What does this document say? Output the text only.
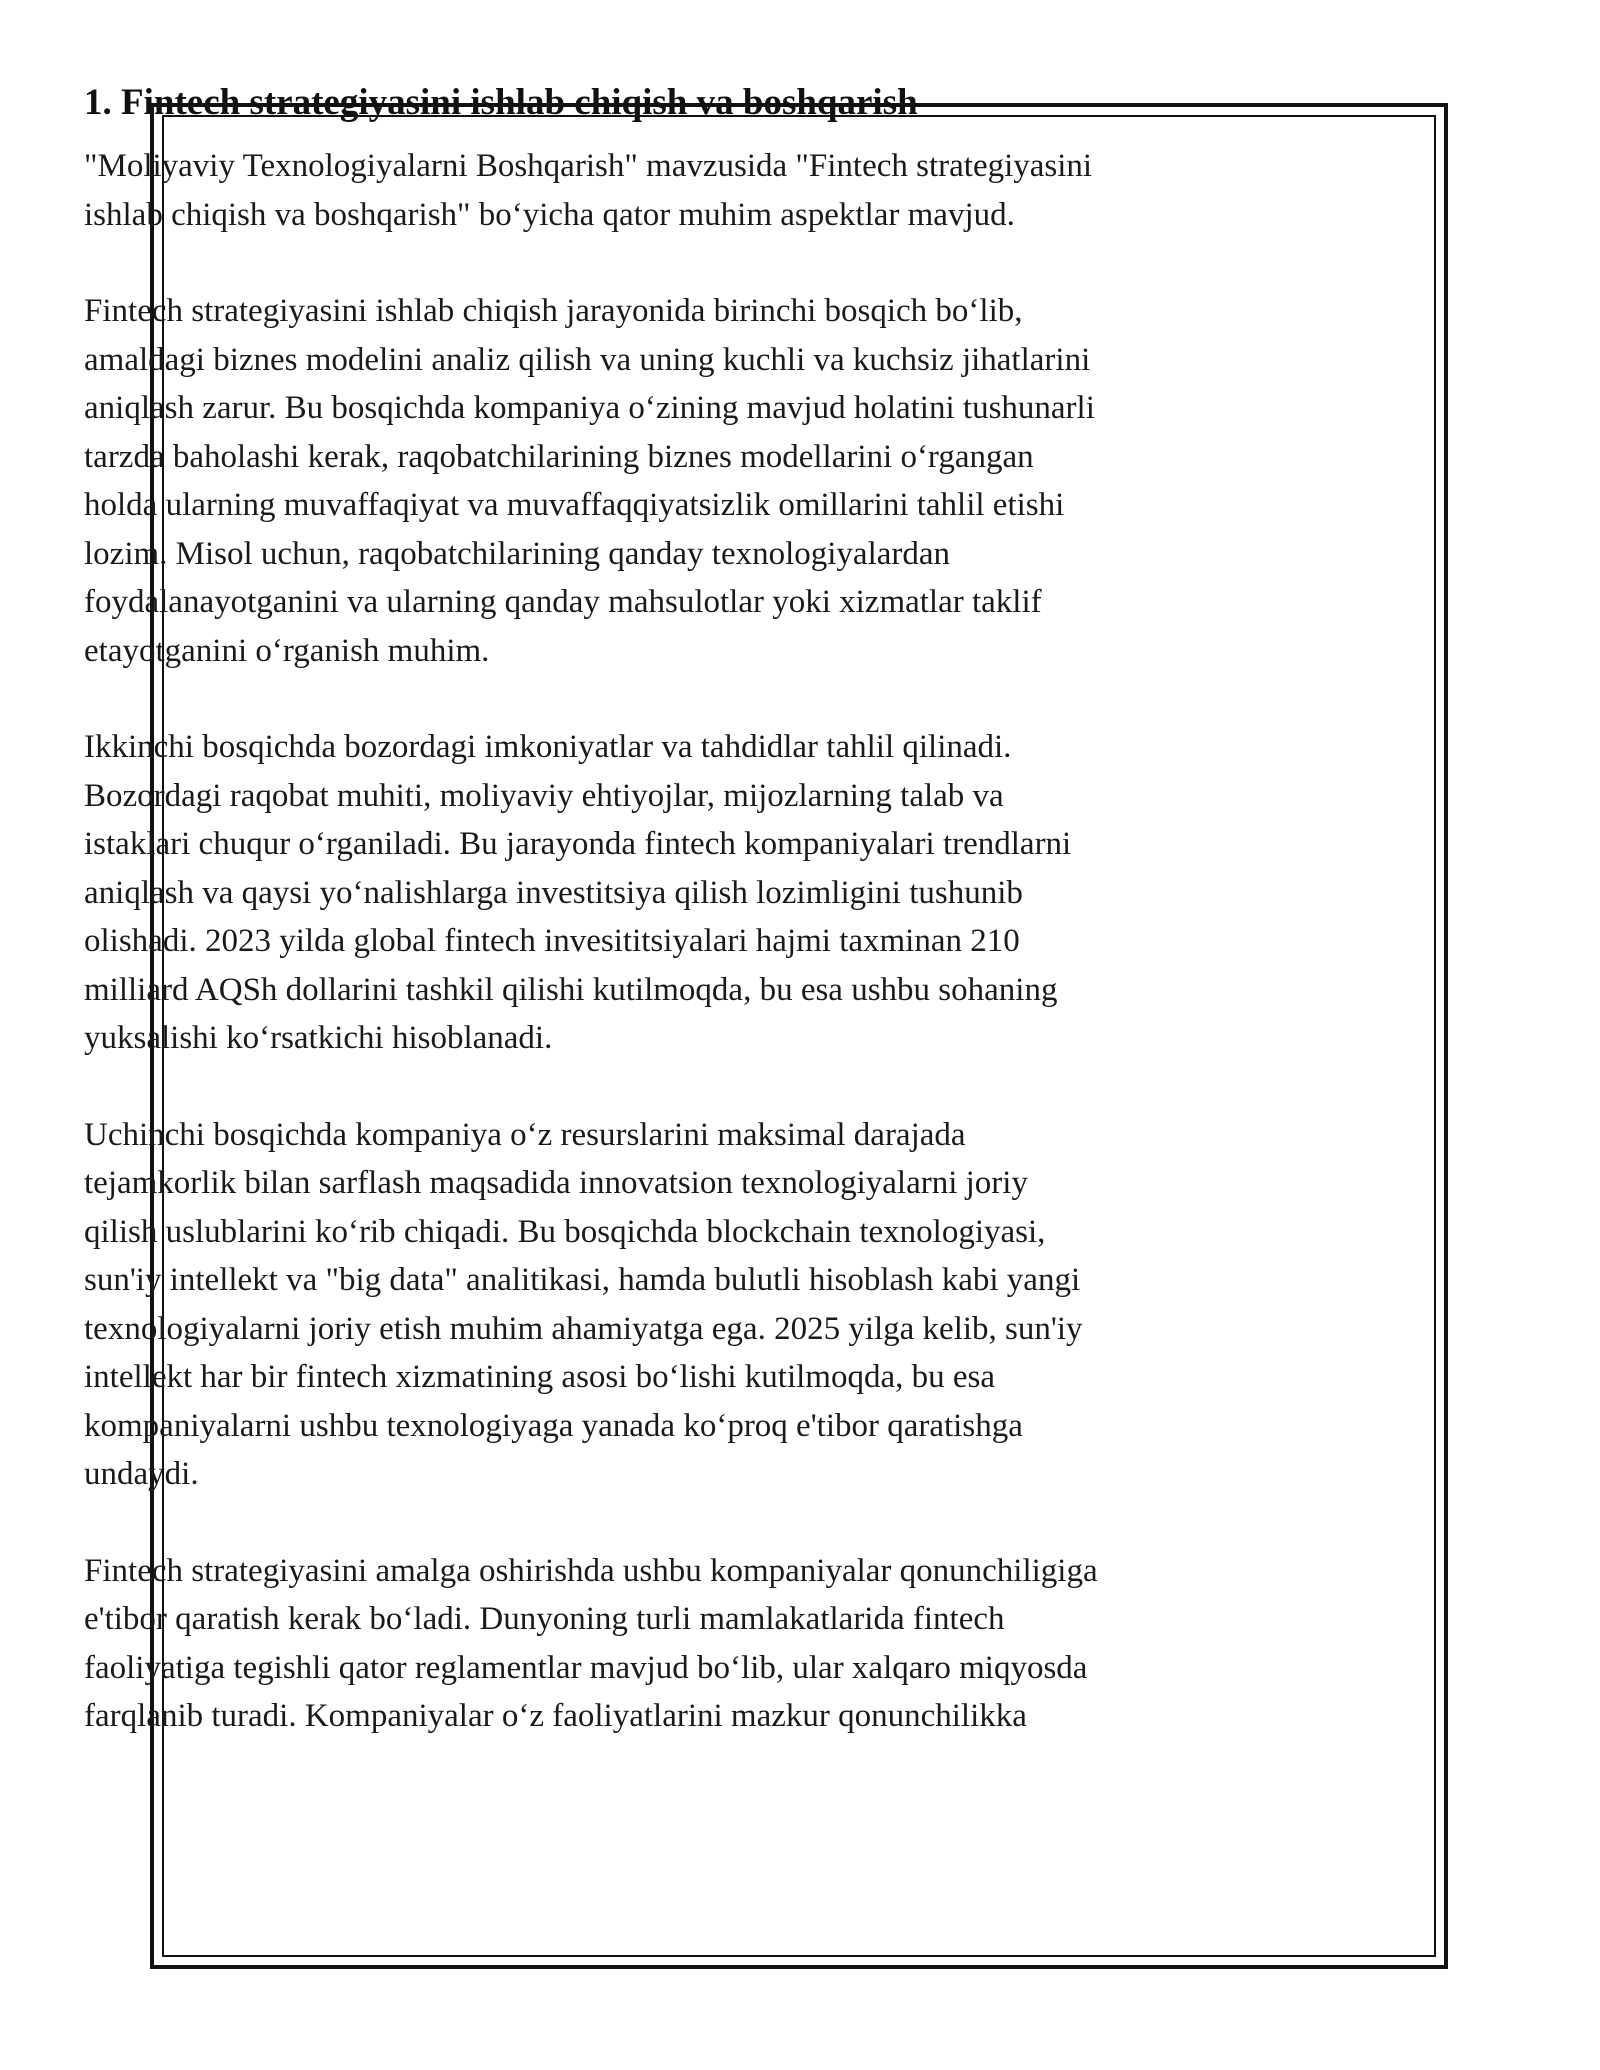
1. Fintech strategiyasini ishlab chiqish va boshqarish

"Moliyaviy Texnologiyalarni Boshqarish" mavzusida "Fintech strategiyasini
ishlab chiqish va boshqarish" boʻyicha qator muhim aspektlar mavjud.

Fintech strategiyasini ishlab chiqish jarayonida birinchi bosqich boʻlib,
amaldagi biznes modelini analiz qilish va uning kuchli va kuchsiz jihatlarini
aniqlash zarur. Bu bosqichda kompaniya oʻzining mavjud holatini tushunarli
tarzda baholashi kerak, raqobatchilarining biznes modellarini oʻrgangan
holda ularning muvaffaqiyat va muvaffaqqiyatsizlik omillarini tahlil etishi
lozim. Misol uchun, raqobatchilarining qanday texnologiyalardan
foydalanayotganini va ularning qanday mahsulotlar yoki xizmatlar taklif
etayotganini oʻrganish muhim.

Ikkinchi bosqichda bozordagi imkoniyatlar va tahdidlar tahlil qilinadi.
Bozordagi raqobat muhiti, moliyaviy ehtiyojlar, mijozlarning talab va
istaklari chuqur oʻrganiladi. Bu jarayonda fintech kompaniyalari trendlarni
aniqlash va qaysi yoʻnalishlarga investitsiya qilish lozimligini tushunib
olishadi. 2023 yilda global fintech invesititsiyalari hajmi taxminan 210
milliard AQSh dollarini tashkil qilishi kutilmoqda, bu esa ushbu sohaning
yuksalishi koʻrsatkichi hisoblanadi.

Uchinchi bosqichda kompaniya oʻz resurslarini maksimal darajada
tejamkorlik bilan sarflash maqsadida innovatsion texnologiyalarni joriy
qilish uslublarini koʻrib chiqadi. Bu bosqichda blockchain texnologiyasi,
sun'iy intellekt va "big data" analitikasi, hamda bulutli hisoblash kabi yangi
texnologiyalarni joriy etish muhim ahamiyatga ega. 2025 yilga kelib, sun'iy
intellekt har bir fintech xizmatining asosi boʻlishi kutilmoqda, bu esa
kompaniyalarni ushbu texnologiyaga yanada koʻproq e'tibor qaratishga
undaydi.

Fintech strategiyasini amalga oshirishda ushbu kompaniyalar qonunchiligiga
e'tibor qaratish kerak boʻladi. Dunyoning turli mamlakatlarida fintech
faoliyatiga tegishli qator reglamentlar mavjud boʻlib, ular xalqaro miqyosda
farqlanib turadi. Kompaniyalar oʻz faoliyatlarini mazkur qonunchilikka
